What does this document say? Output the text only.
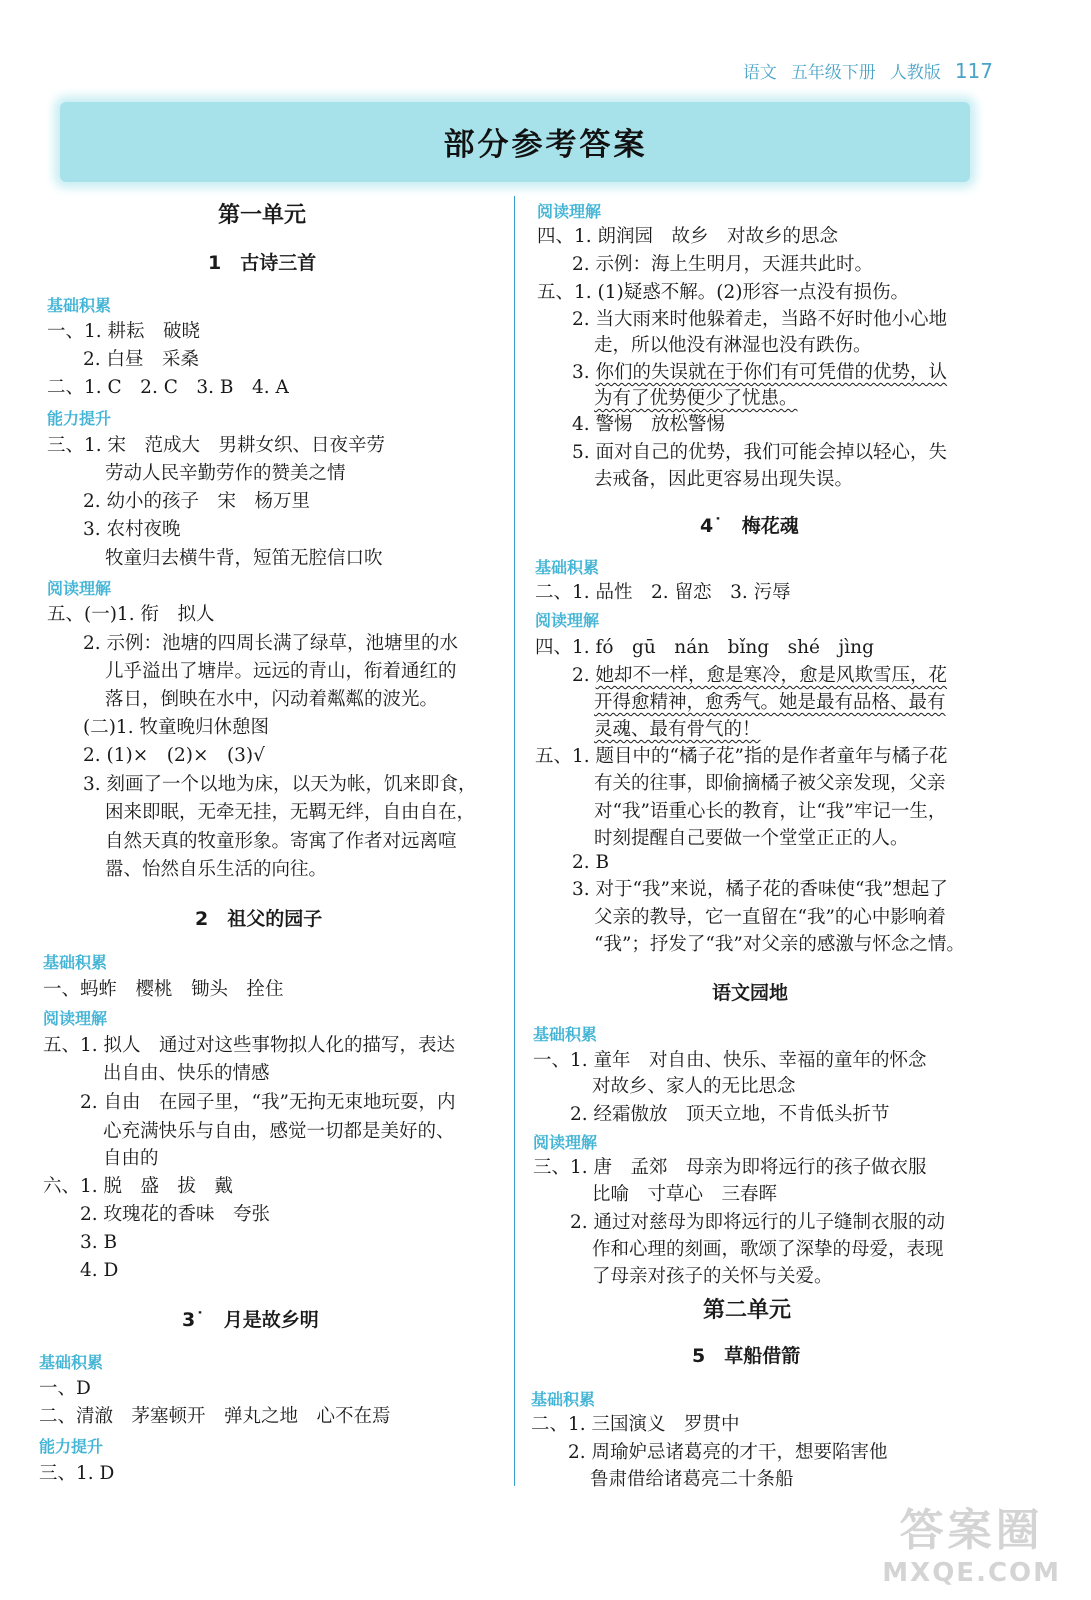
语文 五年级下册 人教版 117
部分参考答案
第一单元
1　古诗三首
基础积累
一、1. 耕耘　破晓
2. 白昼　采桑
二、1. C　2. C　3. B　4. A
能力提升
三、1. 宋　范成大　男耕女织、日夜辛劳
劳动人民辛勤劳作的赞美之情
2. 幼小的孩子　宋　杨万里
3. 农村夜晚
牧童归去横牛背，短笛无腔信口吹
阅读理解
五、(一)1. 衔　拟人
2. 示例：池塘的四周长满了绿草，池塘里的水
儿乎溢出了塘岸。远远的青山，衔着通红的
落日，倒映在水中，闪动着粼粼的波光。
(二)1. 牧童晚归休憩图
2. (1)×　(2)×　(3)√
3. 刻画了一个以地为床，以天为帐，饥来即食，
困来即眠，无牵无挂，无羁无绊，自由自在，
自然天真的牧童形象。寄寓了作者对远离喧
嚣、怡然自乐生活的向往。
2　祖父的园子
基础积累
一、蚂蚱　樱桃　锄头　拴住
阅读理解
五、1. 拟人　通过对这些事物拟人化的描写，表达
出自由、快乐的情感
2. 自由　在园子里，“我”无拘无束地玩耍，内
心充满快乐与自由，感觉一切都是美好的、
自由的
六、1. 脱　盛　拔　戴
2. 玫瑰花的香味　夸张
3. B
4. D
3˙　月是故乡明
基础积累
一、D
二、清澈　茅塞顿开　弹丸之地　心不在焉
能力提升
三、1. D
阅读理解
四、1. 朗润园　故乡　对故乡的思念
2. 示例：海上生明月，天涯共此时。
五、1. (1)疑惑不解。(2)形容一点没有损伤。
2. 当大雨来时他躲着走，当路不好时他小心地
走，所以他没有淋湿也没有跌伤。
3. 你们的失误就在于你们有可凭借的优势，认
为有了优势便少了忧患。
4. 警惕　放松警惕
5. 面对自己的优势，我们可能会掉以轻心，失
去戒备，因此更容易出现失误。
4˙　梅花魂
基础积累
二、1. 品性　2. 留恋　3. 污辱
阅读理解
四、1. fó　gū　nán　bǐng　shé　jìng
2. 她却不一样，愈是寒冷，愈是风欺雪压，花
开得愈精神，愈秀气。她是最有品格、最有
灵魂、最有骨气的！
五、1. 题目中的“橘子花”指的是作者童年与橘子花
有关的往事，即偷摘橘子被父亲发现，父亲
对“我”语重心长的教育，让“我”牢记一生，
时刻提醒自己要做一个堂堂正正的人。
2. B
3. 对于“我”来说，橘子花的香味使“我”想起了
父亲的教导，它一直留在“我”的心中影响着
“我”；抒发了“我”对父亲的感激与怀念之情。
语文园地
基础积累
一、1. 童年　对自由、快乐、幸福的童年的怀念
对故乡、家人的无比思念
2. 经霜傲放　顶天立地，不肯低头折节
阅读理解
三、1. 唐　孟郊　母亲为即将远行的孩子做衣服
比喻　寸草心　三春晖
2. 通过对慈母为即将远行的儿子缝制衣服的动
作和心理的刻画，歌颂了深挚的母爱，表现
了母亲对孩子的关怀与关爱。
第二单元
5　草船借箭
基础积累
二、1. 三国演义　罗贯中
2. 周瑜妒忌诸葛亮的才干，想要陷害他
鲁肃借给诸葛亮二十条船
答案圈
MXQE.COM
